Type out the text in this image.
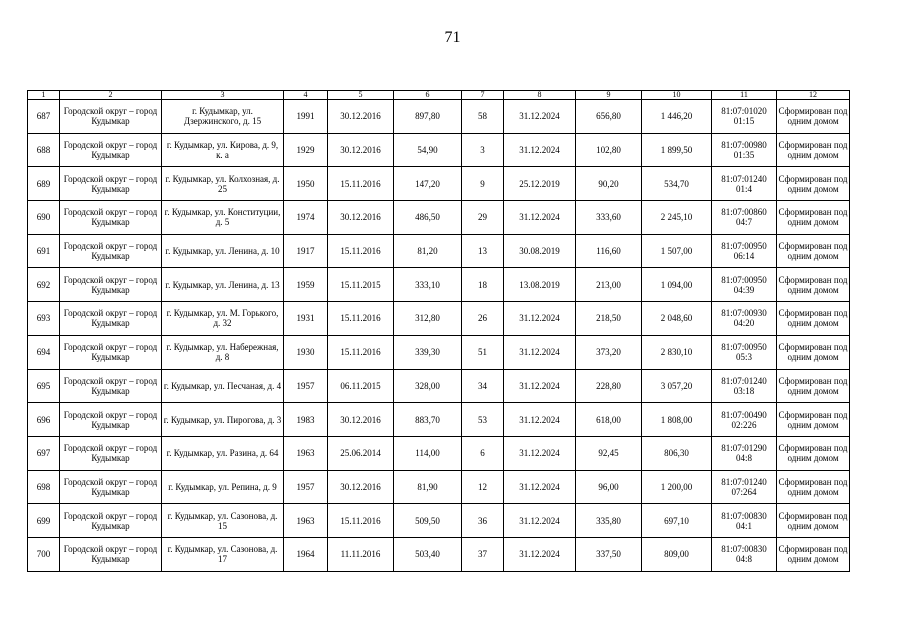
71
1	2	3	4	5	6	7	8	9	10	11	12
687	Городской округ – город Кудымкар	г. Кудымкар, ул. Дзержинского, д. 15	1991	30.12.2016	897,80	58	31.12.2024	656,80	1 446,20	81:07:01020 01:15	Сформирован под одним домом
688	Городской округ – город Кудымкар	г. Кудымкар, ул. Кирова, д. 9, к. а	1929	30.12.2016	54,90	3	31.12.2024	102,80	1 899,50	81:07:00980 01:35	Сформирован под одним домом
689	Городской округ – город Кудымкар	г. Кудымкар, ул. Колхозная, д. 25	1950	15.11.2016	147,20	9	25.12.2019	90,20	534,70	81:07:01240 01:4	Сформирован под одним домом
690	Городской округ – город Кудымкар	г. Кудымкар, ул. Конституции, д. 5	1974	30.12.2016	486,50	29	31.12.2024	333,60	2 245,10	81:07:00860 04:7	Сформирован под одним домом
691	Городской округ – город Кудымкар	г. Кудымкар, ул. Ленина, д. 10	1917	15.11.2016	81,20	13	30.08.2019	116,60	1 507,00	81:07:00950 06:14	Сформирован под одним домом
692	Городской округ – город Кудымкар	г. Кудымкар, ул. Ленина, д. 13	1959	15.11.2015	333,10	18	13.08.2019	213,00	1 094,00	81:07:00950 04:39	Сформирован под одним домом
693	Городской округ – город Кудымкар	г. Кудымкар, ул. М. Горького, д. 32	1931	15.11.2016	312,80	26	31.12.2024	218,50	2 048,60	81:07:00930 04:20	Сформирован под одним домом
694	Городской округ – город Кудымкар	г. Кудымкар, ул. Набережная, д. 8	1930	15.11.2016	339,30	51	31.12.2024	373,20	2 830,10	81:07:00950 05:3	Сформирован под одним домом
695	Городской округ – город Кудымкар	г. Кудымкар, ул. Песчаная, д. 4	1957	06.11.2015	328,00	34	31.12.2024	228,80	3 057,20	81:07:01240 03:18	Сформирован под одним домом
696	Городской округ – город Кудымкар	г. Кудымкар, ул. Пирогова, д. 3	1983	30.12.2016	883,70	53	31.12.2024	618,00	1 808,00	81:07:00490 02:226	Сформирован под одним домом
697	Городской округ – город Кудымкар	г. Кудымкар, ул. Разина, д. 64	1963	25.06.2014	114,00	6	31.12.2024	92,45	806,30	81:07:01290 04:8	Сформирован под одним домом
698	Городской округ – город Кудымкар	г. Кудымкар, ул. Репина, д. 9	1957	30.12.2016	81,90	12	31.12.2024	96,00	1 200,00	81:07:01240 07:264	Сформирован под одним домом
699	Городской округ – город Кудымкар	г. Кудымкар, ул. Сазонова, д. 15	1963	15.11.2016	509,50	36	31.12.2024	335,80	697,10	81:07:00830 04:1	Сформирован под одним домом
700	Городской округ – город Кудымкар	г. Кудымкар, ул. Сазонова, д. 17	1964	11.11.2016	503,40	37	31.12.2024	337,50	809,00	81:07:00830 04:8	Сформирован под одним домом
